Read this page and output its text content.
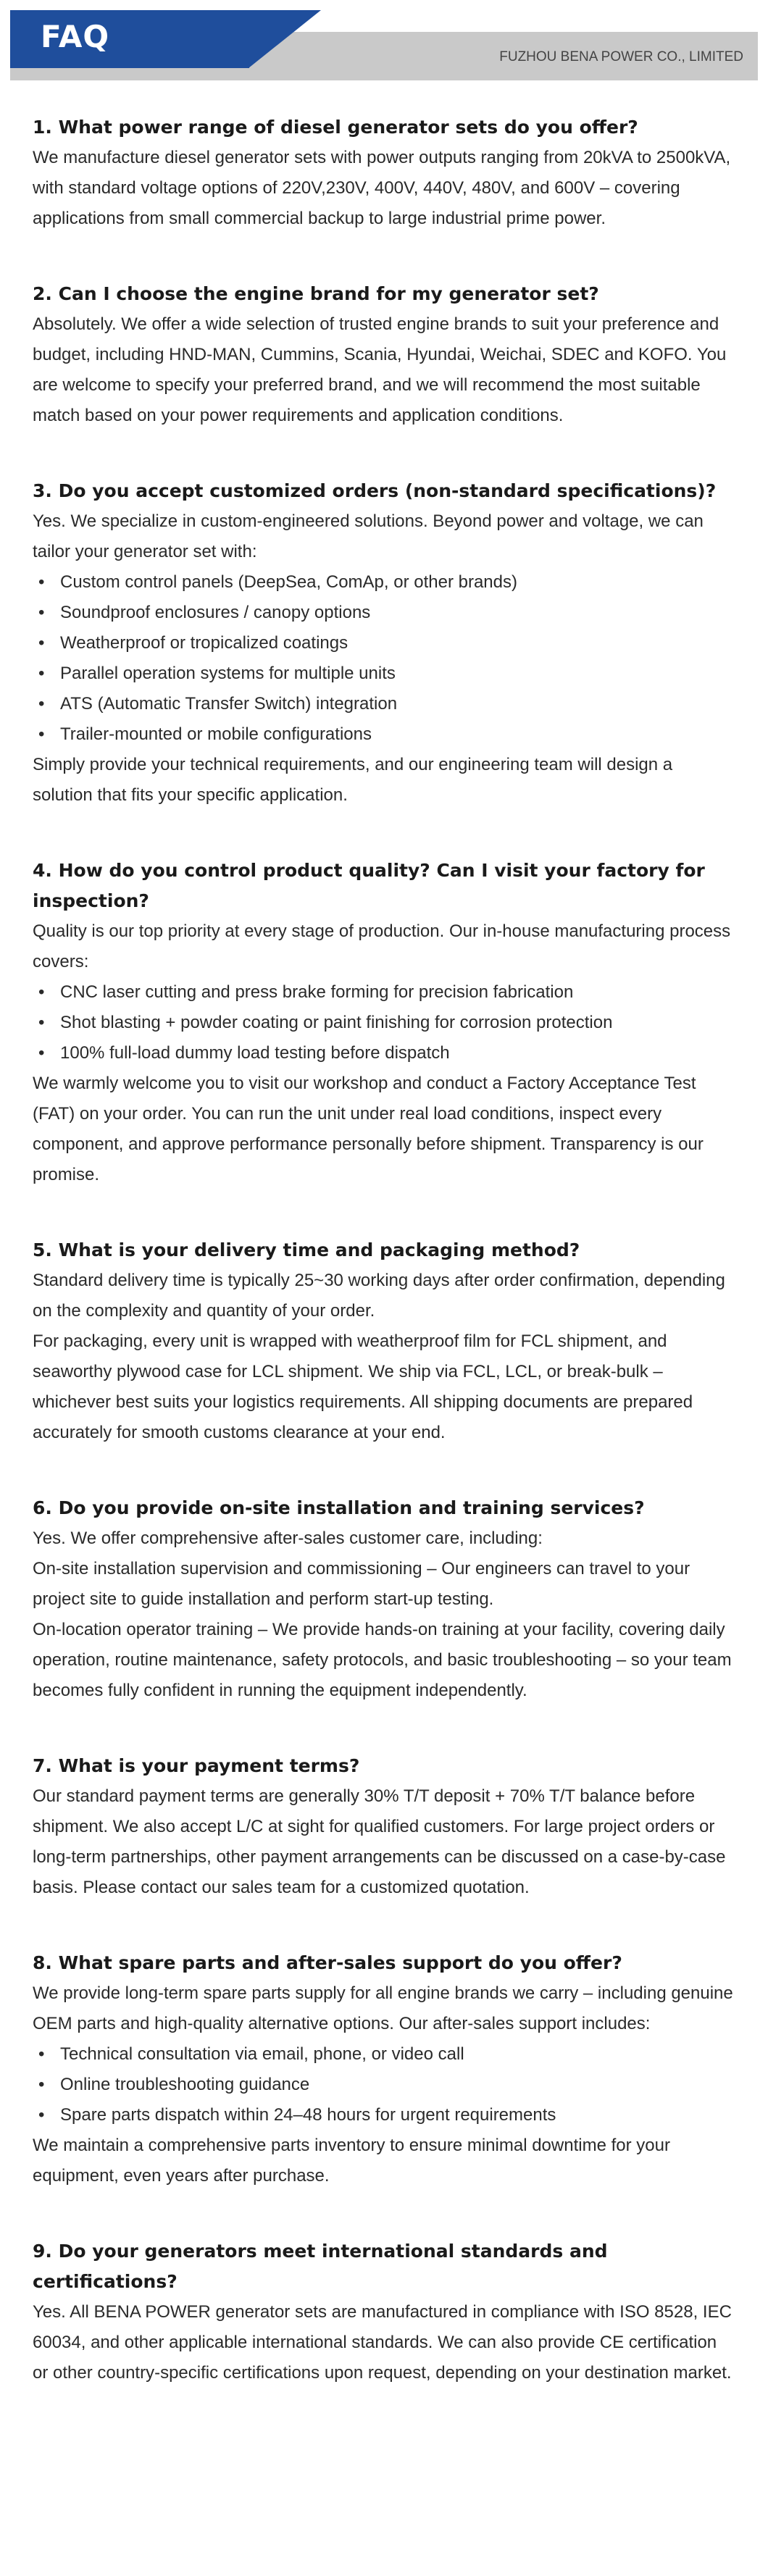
FAQ
FUZHOU BENA POWER CO., LIMITED
1. What power range of diesel generator sets do you offer?

We manufacture diesel generator sets with power outputs ranging from 20kVA to 2500kVA, with standard voltage options of 220V,230V, 400V, 440V, 480V, and 600V – covering applications from small commercial backup to large industrial prime power.

2. Can I choose the engine brand for my generator set?

Absolutely. We offer a wide selection of trusted engine brands to suit your preference and budget, including HND-MAN, Cummins, Scania, Hyundai, Weichai, SDEC and KOFO. You are welcome to specify your preferred brand, and we will recommend the most suitable match based on your power requirements and application conditions.

3. Do you accept customized orders (non-standard specifications)?

Yes. We specialize in custom-engineered solutions. Beyond power and voltage, we can tailor your generator set with:

• Custom control panels (DeepSea, ComAp, or other brands)
• Soundproof enclosures / canopy options
• Weatherproof or tropicalized coatings
• Parallel operation systems for multiple units
• ATS (Automatic Transfer Switch) integration
• Trailer-mounted or mobile configurations

Simply provide your technical requirements, and our engineering team will design a solution that fits your specific application.

4. How do you control product quality? Can I visit your factory for inspection?

Quality is our top priority at every stage of production. Our in-house manufacturing process covers:

• CNC laser cutting and press brake forming for precision fabrication
• Shot blasting + powder coating or paint finishing for corrosion protection
• 100% full-load dummy load testing before dispatch

We warmly welcome you to visit our workshop and conduct a Factory Acceptance Test (FAT) on your order. You can run the unit under real load conditions, inspect every component, and approve performance personally before shipment. Transparency is our promise.

5. What is your delivery time and packaging method?

Standard delivery time is typically 25~30 working days after order confirmation, depending on the complexity and quantity of your order.

For packaging, every unit is wrapped with weatherproof film for FCL shipment, and seaworthy plywood case for LCL shipment. We ship via FCL, LCL, or break-bulk – whichever best suits your logistics requirements. All shipping documents are prepared accurately for smooth customs clearance at your end.

6. Do you provide on-site installation and training services?

Yes. We offer comprehensive after-sales customer care, including:

On-site installation supervision and commissioning – Our engineers can travel to your project site to guide installation and perform start-up testing.

On-location operator training – We provide hands-on training at your facility, covering daily operation, routine maintenance, safety protocols, and basic troubleshooting – so your team becomes fully confident in running the equipment independently.

7. What is your payment terms?

Our standard payment terms are generally 30% T/T deposit + 70% T/T balance before shipment. We also accept L/C at sight for qualified customers. For large project orders or long-term partnerships, other payment arrangements can be discussed on a case-by-case basis. Please contact our sales team for a customized quotation.

8. What spare parts and after-sales support do you offer?

We provide long-term spare parts supply for all engine brands we carry – including genuine OEM parts and high-quality alternative options. Our after-sales support includes:

• Technical consultation via email, phone, or video call
• Online troubleshooting guidance
• Spare parts dispatch within 24–48 hours for urgent requirements

We maintain a comprehensive parts inventory to ensure minimal downtime for your equipment, even years after purchase.

9. Do your generators meet international standards and certifications?

Yes. All BENA POWER generator sets are manufactured in compliance with ISO 8528, IEC 60034, and other applicable international standards. We can also provide CE certification or other country-specific certifications upon request, depending on your destination market.
